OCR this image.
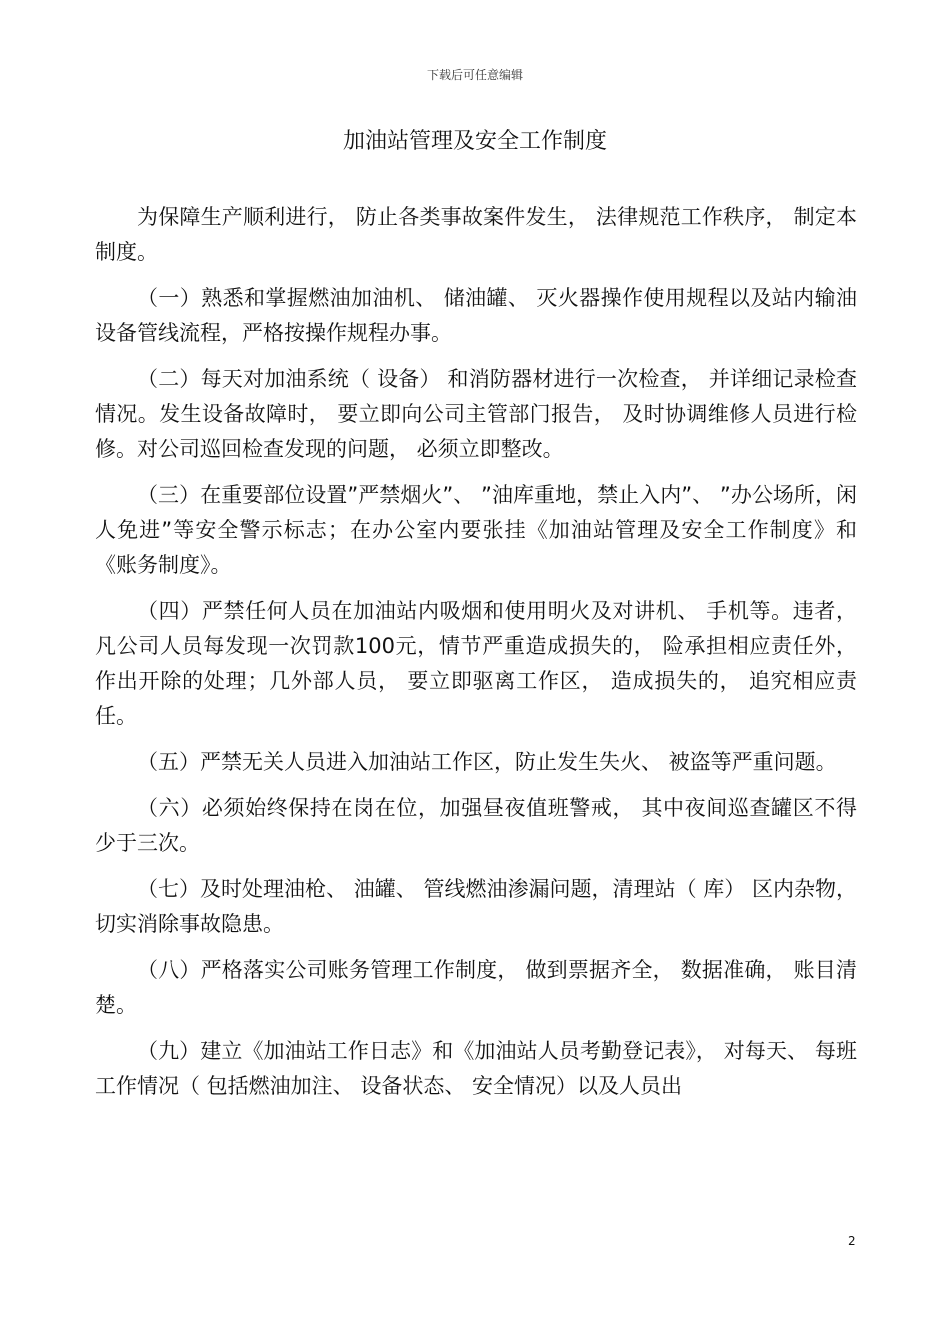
下载后可任意编辑
加油站管理及安全工作制度

为保障生产顺利进行， 防止各类事故案件发生， 法律规范工作秩序， 制定本制度。

（一）熟悉和掌握燃油加油机、 储油罐、 灭火器操作使用规程以及站内输油设备管线流程，严格按操作规程办事。

（二）每天对加油系统（ 设备） 和消防器材进行一次检查， 并详细记录检查情况。发生设备故障时， 要立即向公司主管部门报告， 及时协调维修人员进行检修。对公司巡回检查发现的问题， 必须立即整改。

（三）在重要部位设置”严禁烟火”、 ”油库重地，禁止入内”、 ”办公场所，闲人免进”等安全警示标志；在办公室内要张挂《加油站管理及安全工作制度》和《账务制度》。

（四）严禁任何人员在加油站内吸烟和使用明火及对讲机、 手机等。违者，凡公司人员每发现一次罚款100元，情节严重造成损失的， 险承担相应责任外， 作出开除的处理；几外部人员， 要立即驱离工作区， 造成损失的， 追究相应责任。

（五）严禁无关人员进入加油站工作区，防止发生失火、 被盗等严重问题。

（六）必须始终保持在岗在位，加强昼夜值班警戒， 其中夜间巡查罐区不得少于三次。

（七）及时处理油枪、 油罐、 管线燃油渗漏问题，清理站（ 库） 区内杂物，切实消除事故隐患。

（八）严格落实公司账务管理工作制度， 做到票据齐全， 数据准确， 账目清楚。

（九）建立《加油站工作日志》和《加油站人员考勤登记表》， 对每天、 每班工作情况（ 包括燃油加注、 设备状态、 安全情况）以及人员出

2
